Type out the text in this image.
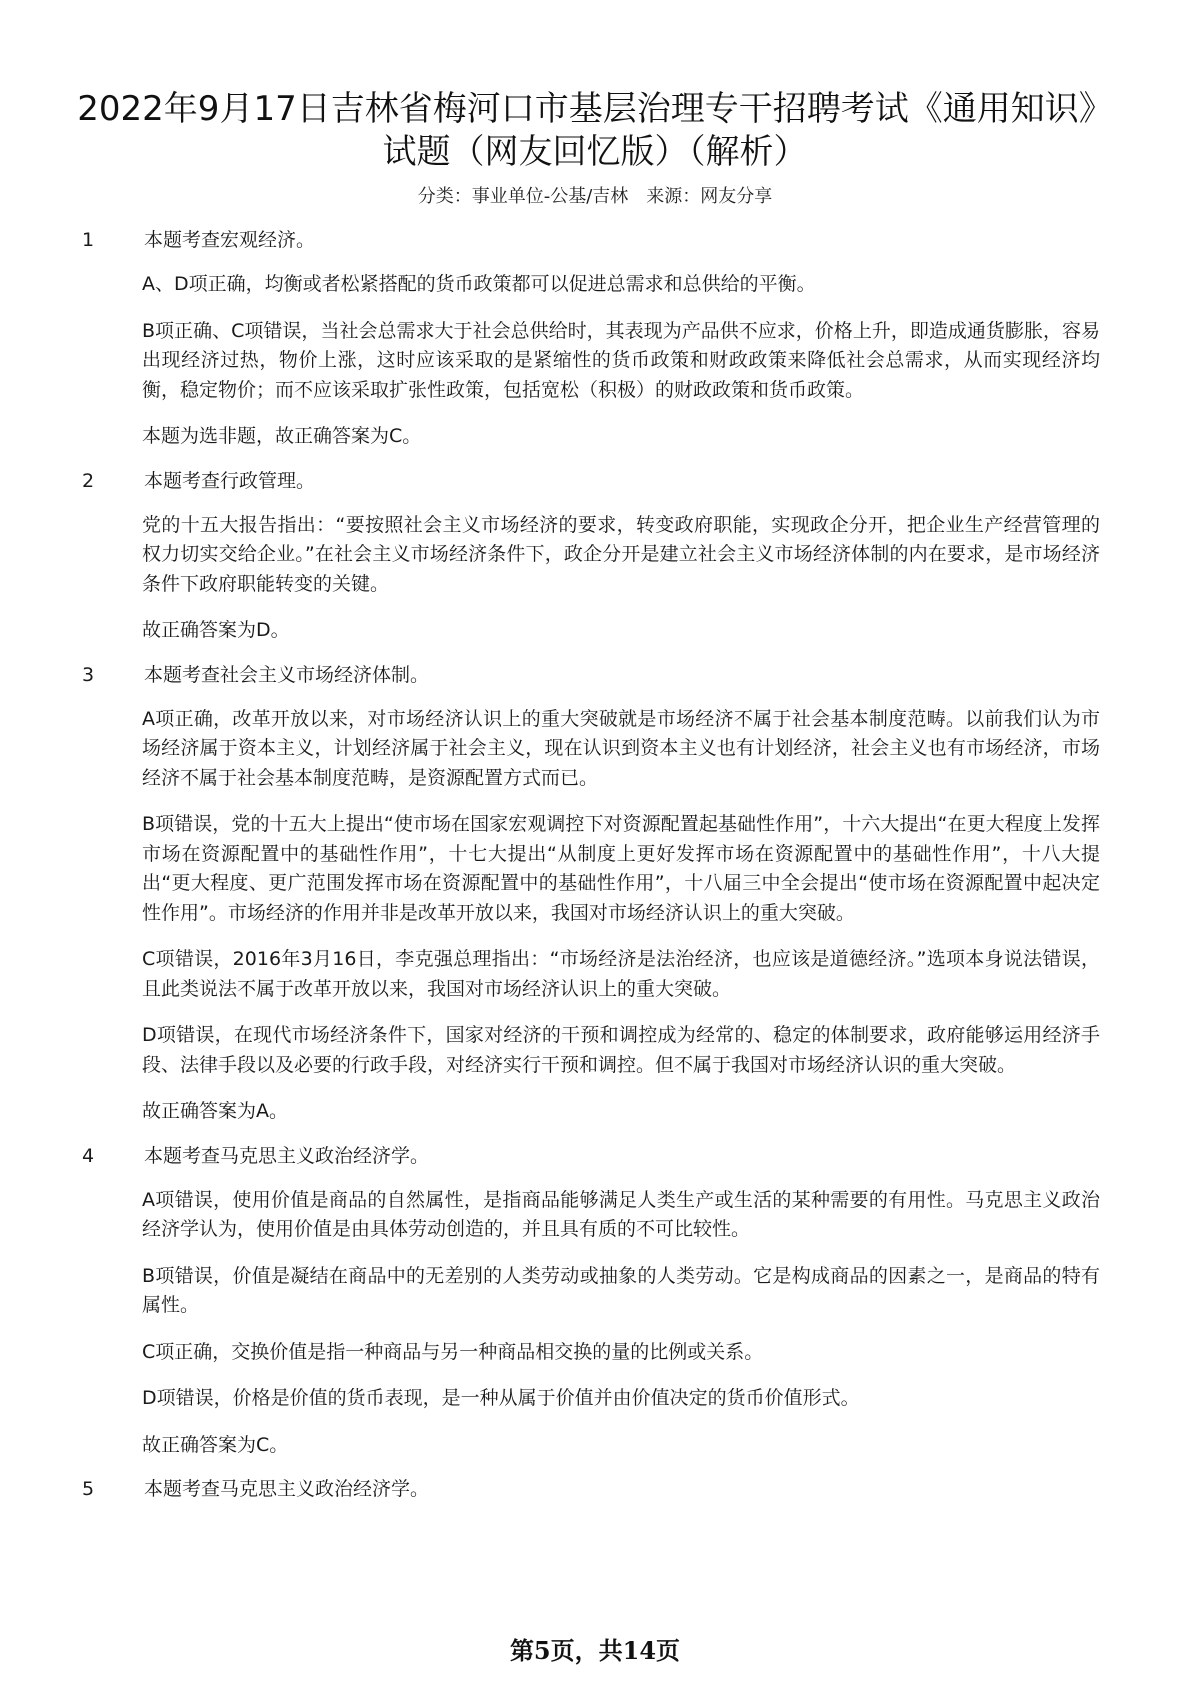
2022年9月17日吉林省梅河口市基层治理专干招聘考试《通用知识》试题（网友回忆版）（解析）
分类：事业单位-公基/吉林　来源：网友分享
1	本题考查宏观经济。

A、D项正确，均衡或者松紧搭配的货币政策都可以促进总需求和总供给的平衡。

B项正确、C项错误，当社会总需求大于社会总供给时，其表现为产品供不应求，价格上升，即造成通货膨胀，容易出现经济过热，物价上涨，这时应该采取的是紧缩性的货币政策和财政政策来降低社会总需求，从而实现经济均衡，稳定物价；而不应该采取扩张性政策，包括宽松（积极）的财政政策和货币政策。

本题为选非题，故正确答案为C。

2	本题考查行政管理。

党的十五大报告指出：“要按照社会主义市场经济的要求，转变政府职能，实现政企分开，把企业生产经营管理的权力切实交给企业。”在社会主义市场经济条件下，政企分开是建立社会主义市场经济体制的内在要求，是市场经济条件下政府职能转变的关键。

故正确答案为D。

3	本题考查社会主义市场经济体制。

A项正确，改革开放以来，对市场经济认识上的重大突破就是市场经济不属于社会基本制度范畴。以前我们认为市场经济属于资本主义，计划经济属于社会主义，现在认识到资本主义也有计划经济，社会主义也有市场经济，市场经济不属于社会基本制度范畴，是资源配置方式而已。

B项错误，党的十五大上提出“使市场在国家宏观调控下对资源配置起基础性作用”，十六大提出“在更大程度上发挥市场在资源配置中的基础性作用”，十七大提出“从制度上更好发挥市场在资源配置中的基础性作用”，十八大提出“更大程度、更广范围发挥市场在资源配置中的基础性作用”，十八届三中全会提出“使市场在资源配置中起决定性作用”。市场经济的作用并非是改革开放以来，我国对市场经济认识上的重大突破。

C项错误，2016年3月16日，李克强总理指出：“市场经济是法治经济，也应该是道德经济。”选项本身说法错误，且此类说法不属于改革开放以来，我国对市场经济认识上的重大突破。

D项错误，在现代市场经济条件下，国家对经济的干预和调控成为经常的、稳定的体制要求，政府能够运用经济手段、法律手段以及必要的行政手段，对经济实行干预和调控。但不属于我国对市场经济认识的重大突破。

故正确答案为A。

4	本题考查马克思主义政治经济学。

A项错误，使用价值是商品的自然属性，是指商品能够满足人类生产或生活的某种需要的有用性。马克思主义政治经济学认为，使用价值是由具体劳动创造的，并且具有质的不可比较性。

B项错误，价值是凝结在商品中的无差别的人类劳动或抽象的人类劳动。它是构成商品的因素之一，是商品的特有属性。

C项正确，交换价值是指一种商品与另一种商品相交换的量的比例或关系。

D项错误，价格是价值的货币表现，是一种从属于价值并由价值决定的货币价值形式。

故正确答案为C。

5	本题考查马克思主义政治经济学。
第5页，共14页
